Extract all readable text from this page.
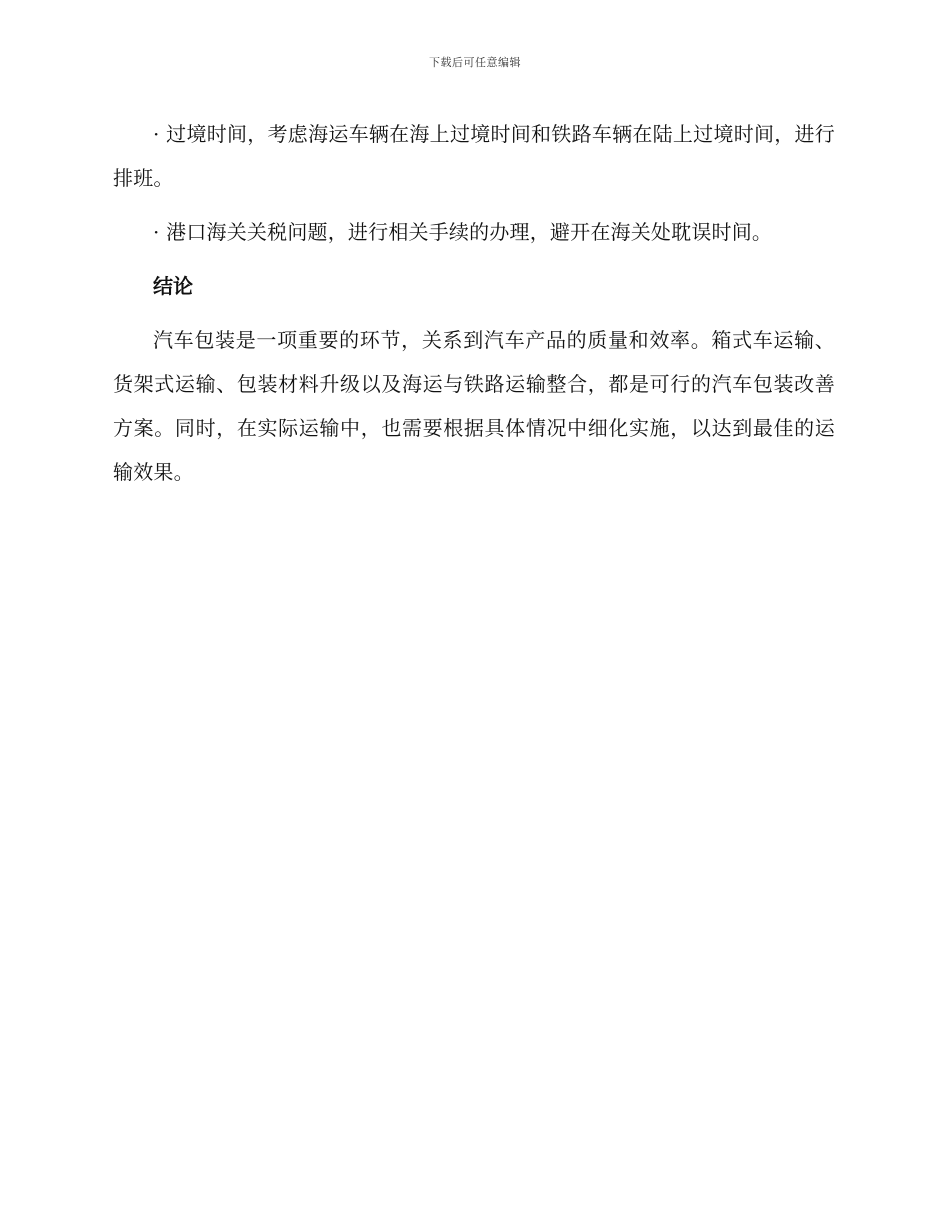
下载后可任意编辑

· 过境时间，考虑海运车辆在海上过境时间和铁路车辆在陆上过境时间，进行排班。

· 港口海关关税问题，进行相关手续的办理，避开在海关处耽误时间。

结论

汽车包装是一项重要的环节，关系到汽车产品的质量和效率。箱式车运输、货架式运输、包装材料升级以及海运与铁路运输整合，都是可行的汽车包装改善方案。同时，在实际运输中，也需要根据具体情况中细化实施，以达到最佳的运输效果。
